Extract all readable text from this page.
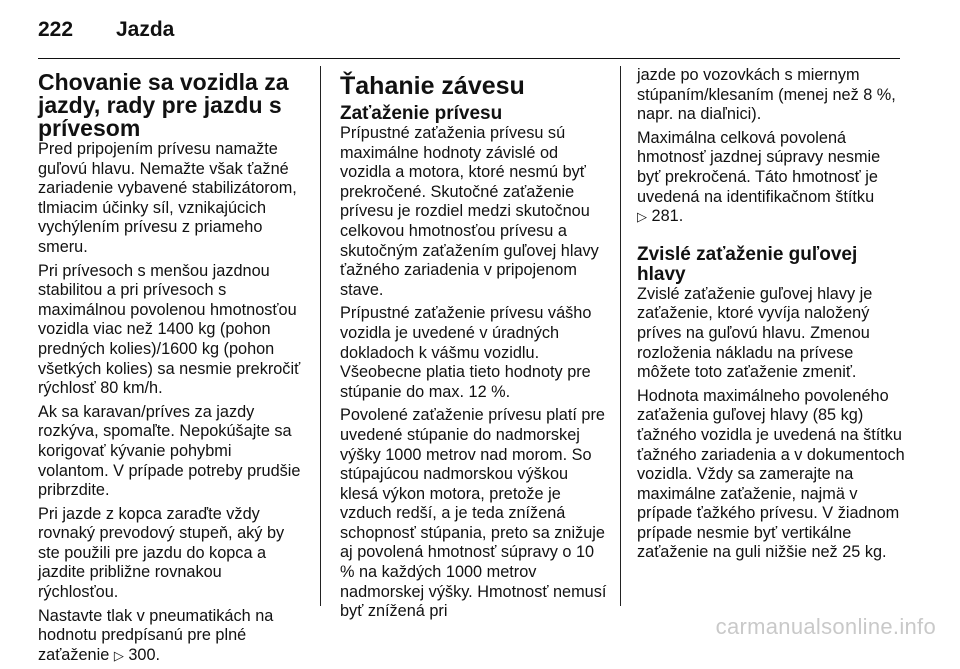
222	Jazda
Chovanie sa vozidla za jazdy, rady pre jazdu s prívesom

Pred pripojením prívesu namažte guľovú hlavu. Nemažte však ťažné zariadenie vybavené stabilizátorom, tlmiacim účinky síl, vznikajúcich vychýlením prívesu z priameho smeru.

Pri prívesoch s menšou jazdnou stabilitou a pri prívesoch s maximálnou povolenou hmotnosťou vozidla viac než 1400 kg (pohon predných kolies)/1600 kg (pohon všetkých kolies) sa nesmie prekročiť rýchlosť 80 km/h.

Ak sa karavan/príves za jazdy rozkýva, spomaľte. Nepokúšajte sa korigovať kývanie pohybmi volantom. V prípade potreby prudšie pribrzdite.

Pri jazde z kopca zaraďte vždy rovnaký prevodový stupeň, aký by ste použili pre jazdu do kopca a jazdite približne rovnakou rýchlosťou.

Nastavte tlak v pneumatikách na hodnotu predpísanú pre plné zaťaženie ▷ 300.

Ťahanie závesu
Zaťaženie prívesu

Prípustné zaťaženia prívesu sú maximálne hodnoty závislé od vozidla a motora, ktoré nesmú byť prekročené. Skutočné zaťaženie prívesu je rozdiel medzi skutočnou celkovou hmotnosťou prívesu a skutočným zaťažením guľovej hlavy ťažného zariadenia v pripojenom stave.

Prípustné zaťaženie prívesu vášho vozidla je uvedené v úradných dokladoch k vášmu vozidlu. Všeobecne platia tieto hodnoty pre stúpanie do max. 12 %.

Povolené zaťaženie prívesu platí pre uvedené stúpanie do nadmorskej výšky 1000 metrov nad morom. So stúpajúcou nadmorskou výškou klesá výkon motora, pretože je vzduch redší, a je teda znížená schopnosť stúpania, preto sa znižuje aj povolená hmotnosť súpravy o 10 % na každých 1000 metrov nadmorskej výšky. Hmotnosť nemusí byť znížená pri

jazde po vozovkách s miernym stúpaním/klesaním (menej než 8 %, napr. na diaľnici).

Maximálna celková povolená hmotnosť jazdnej súpravy nesmie byť prekročená. Táto hmotnosť je uvedená na identifikačnom štítku
▷ 281.

Zvislé zaťaženie guľovej hlavy

Zvislé zaťaženie guľovej hlavy je zaťaženie, ktoré vyvíja naložený príves na guľovú hlavu. Zmenou rozloženia nákladu na prívese môžete toto zaťaženie zmeniť.

Hodnota maximálneho povoleného zaťaženia guľovej hlavy (85 kg) ťažného vozidla je uvedená na štítku ťažného zariadenia a v dokumentoch vozidla. Vždy sa zamerajte na maximálne zaťaženie, najmä v prípade ťažkého prívesu. V žiadnom prípade nesmie byť vertikálne zaťaženie na guli nižšie než 25 kg.

carmanualsonline.info
